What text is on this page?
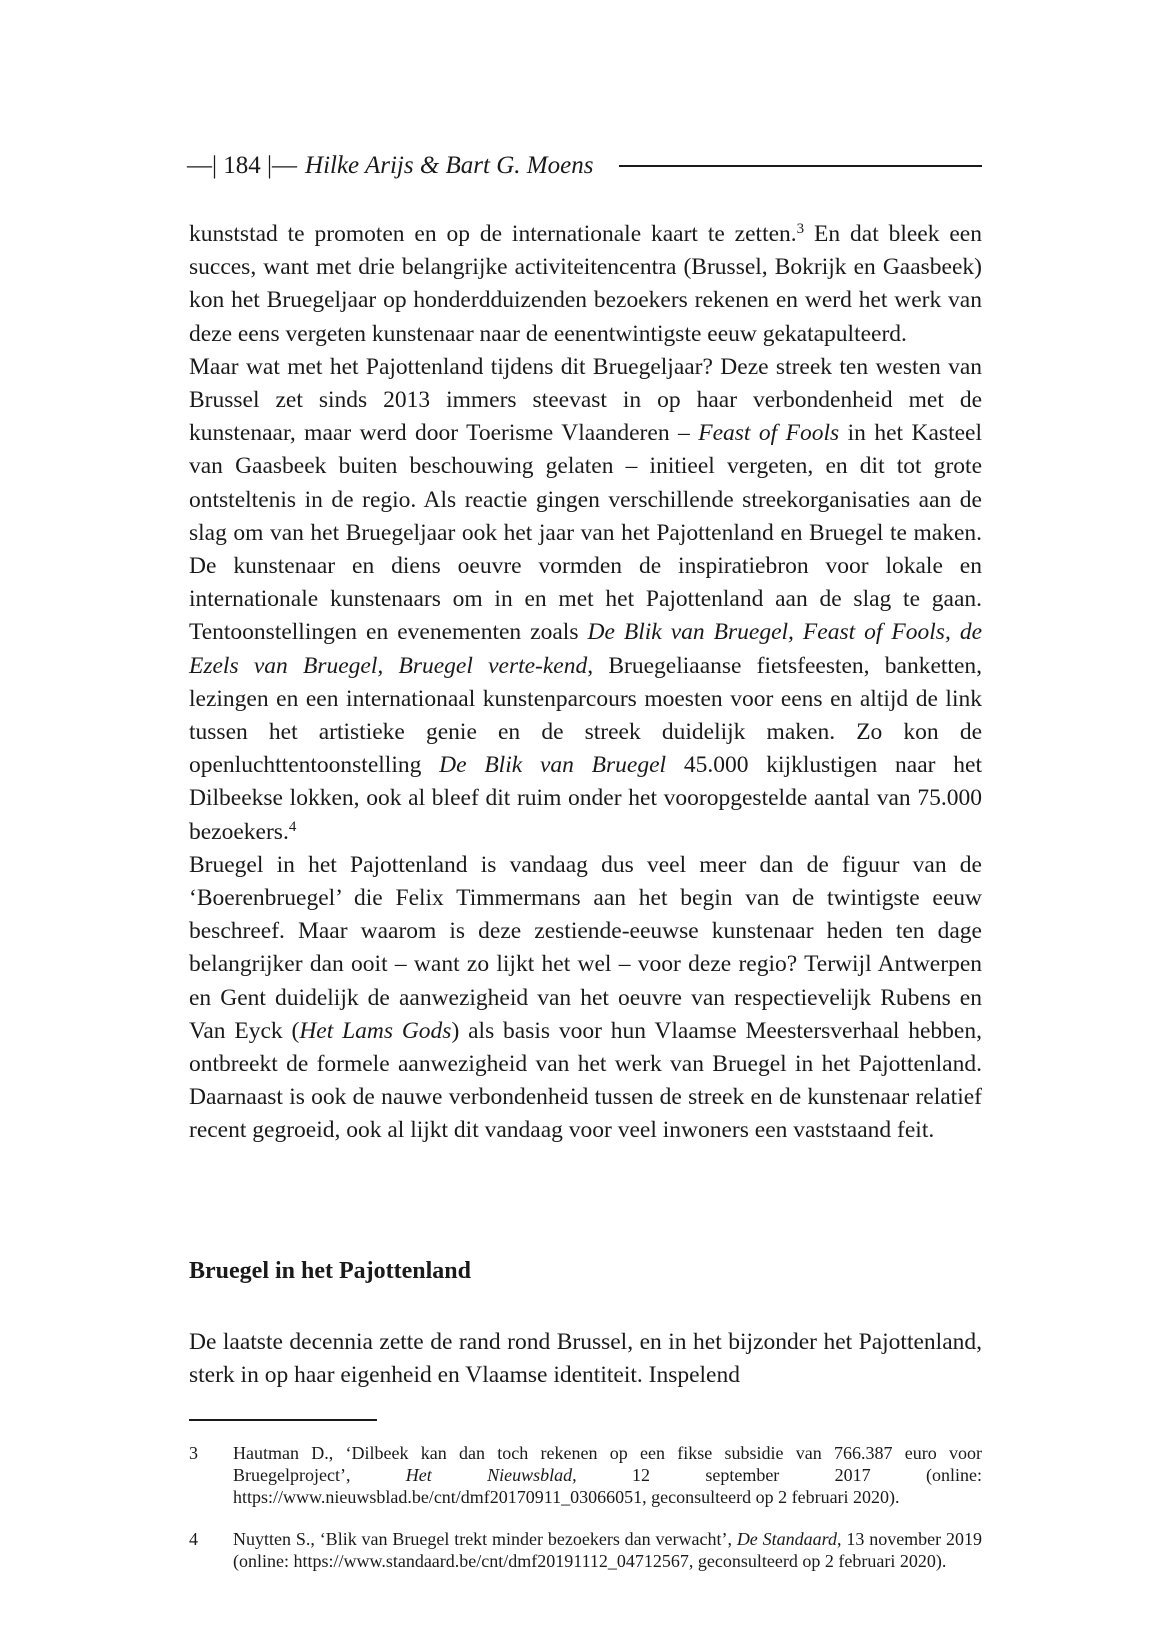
—| 184 |— Hilke Arijs & Bart G. Moens

kunststad te promoten en op de internationale kaart te zetten.$^3$ En dat bleek een succes, want met drie belangrijke activiteitencentra (Brussel, Bokrijk en Gaasbeek) kon het Bruegeljaar op honderdduizenden bezoekers rekenen en werd het werk van deze eens vergeten kunstenaar naar de eenentwintigste eeuw gekatapulteerd.

Maar wat met het Pajottenland tijdens dit Bruegeljaar? Deze streek ten westen van Brussel zet sinds 2013 immers steevast in op haar verbondenheid met de kunstenaar, maar werd door Toerisme Vlaanderen – Feast of Fools in het Kasteel van Gaasbeek buiten beschouwing gelaten – initieel vergeten, en dit tot grote ontsteltenis in de regio. Als reactie gingen verschillende streekorganisaties aan de slag om van het Bruegeljaar ook het jaar van het Pajottenland en Bruegel te maken. De kunstenaar en diens oeuvre vormden de inspiratiebron voor lokale en internationale kunstenaars om in en met het Pajottenland aan de slag te gaan. Tentoonstellingen en evenementen zoals De Blik van Bruegel, Feast of Fools, de Ezels van Bruegel, Bruegel verte-kend, Bruegeliaanse fietsfeesten, banketten, lezingen en een internationaal kunstenparcours moesten voor eens en altijd de link tussen het artistieke genie en de streek duidelijk maken. Zo kon de openluchttentoonstelling De Blik van Bruegel 45.000 kijklustigen naar het Dilbeekse lokken, ook al bleef dit ruim onder het vooropgestelde aantal van 75.000 bezoekers.$^4$

Bruegel in het Pajottenland is vandaag dus veel meer dan de figuur van de ‘Boerenbruegel’ die Felix Timmermans aan het begin van de twintigste eeuw beschreef. Maar waarom is deze zestiende-eeuwse kunstenaar heden ten dage belangrijker dan ooit – want zo lijkt het wel – voor deze regio? Terwijl Antwerpen en Gent duidelijk de aanwezigheid van het oeuvre van respectievelijk Rubens en Van Eyck (Het Lams Gods) als basis voor hun Vlaamse Meestersverhaal hebben, ontbreekt de formele aanwezigheid van het werk van Bruegel in het Pajottenland. Daarnaast is ook de nauwe verbondenheid tussen de streek en de kunstenaar relatief recent gegroeid, ook al lijkt dit vandaag voor veel inwoners een vaststaand feit.

Bruegel in het Pajottenland

De laatste decennia zette de rand rond Brussel, en in het bijzonder het Pajottenland, sterk in op haar eigenheid en Vlaamse identiteit. Inspelend

3	Hautman D., ‘Dilbeek kan dan toch rekenen op een fikse subsidie van 766.387 euro voor Bruegelproject’, Het Nieuwsblad, 12 september 2017 (online: https://www.nieuwsblad.be/cnt/dmf20170911_03066051, geconsulteerd op 2 februari 2020).
4	Nuytten S., ‘Blik van Bruegel trekt minder bezoekers dan verwacht’, De Standaard, 13 november 2019 (online: https://www.standaard.be/cnt/dmf20191112_04712567, geconsulteerd op 2 februari 2020).
